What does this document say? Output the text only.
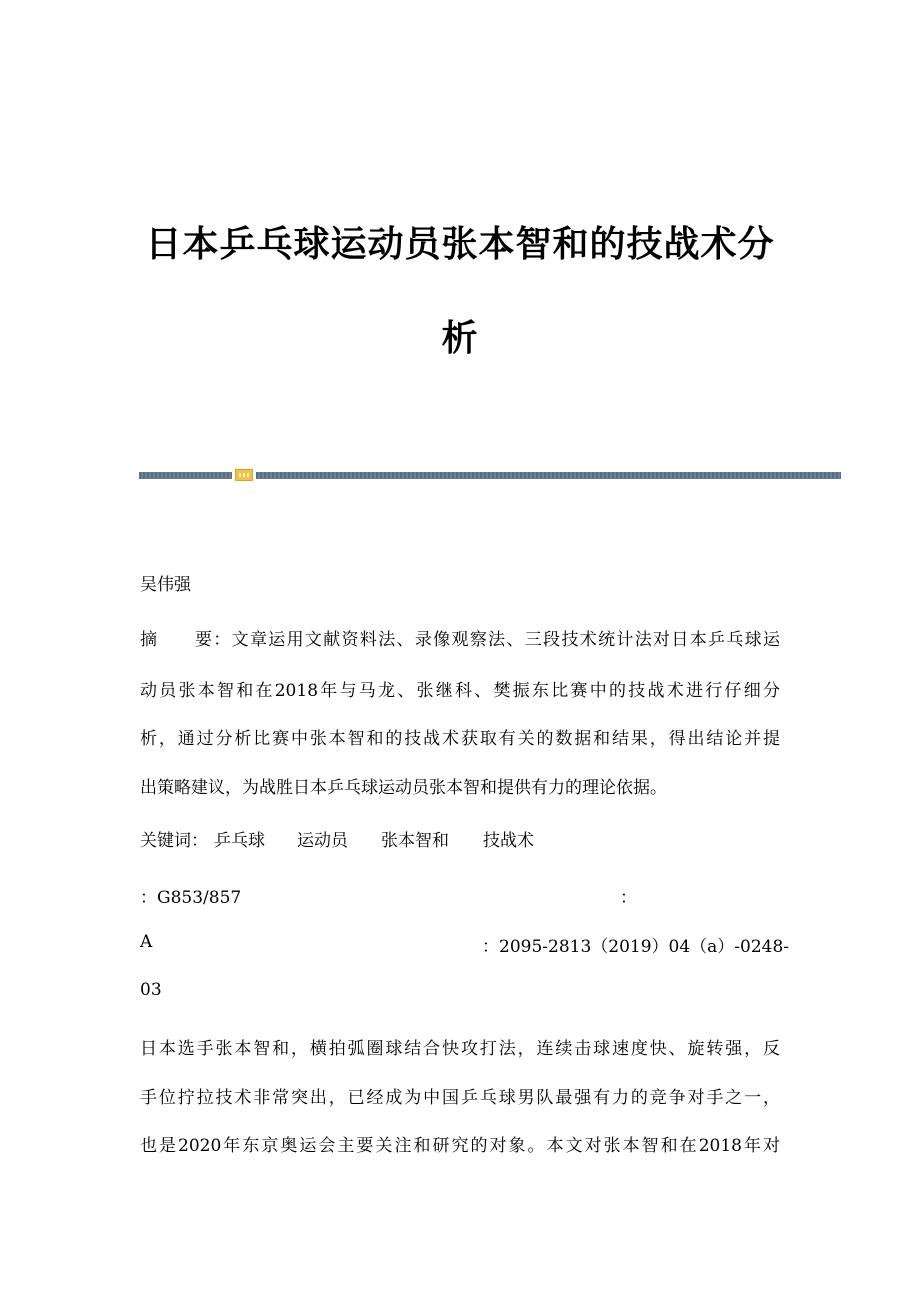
日本乒乓球运动员张本智和的技战术分
析

吴伟强

摘　　要：文章运用文献资料法、录像观察法、三段技术统计法对日本乒乓球运

动员张本智和在2018年与马龙、张继科、樊振东比赛中的技战术进行仔细分

析，通过分析比赛中张本智和的技战术获取有关的数据和结果，得出结论并提

出策略建议，为战胜日本乒乓球运动员张本智和提供有力的理论依据。

关键词： 乒乓球 运动员 张本智和 技战术
：G853/857	：
A	：2095-2813（2019）04（a）-0248-
03

日本选手张本智和，横拍弧圈球结合快攻打法，连续击球速度快、旋转强，反

手位拧拉技术非常突出，已经成为中国乒乓球男队最强有力的竞争对手之一，

也是2020年东京奥运会主要关注和研究的对象。本文对张本智和在2018年对
